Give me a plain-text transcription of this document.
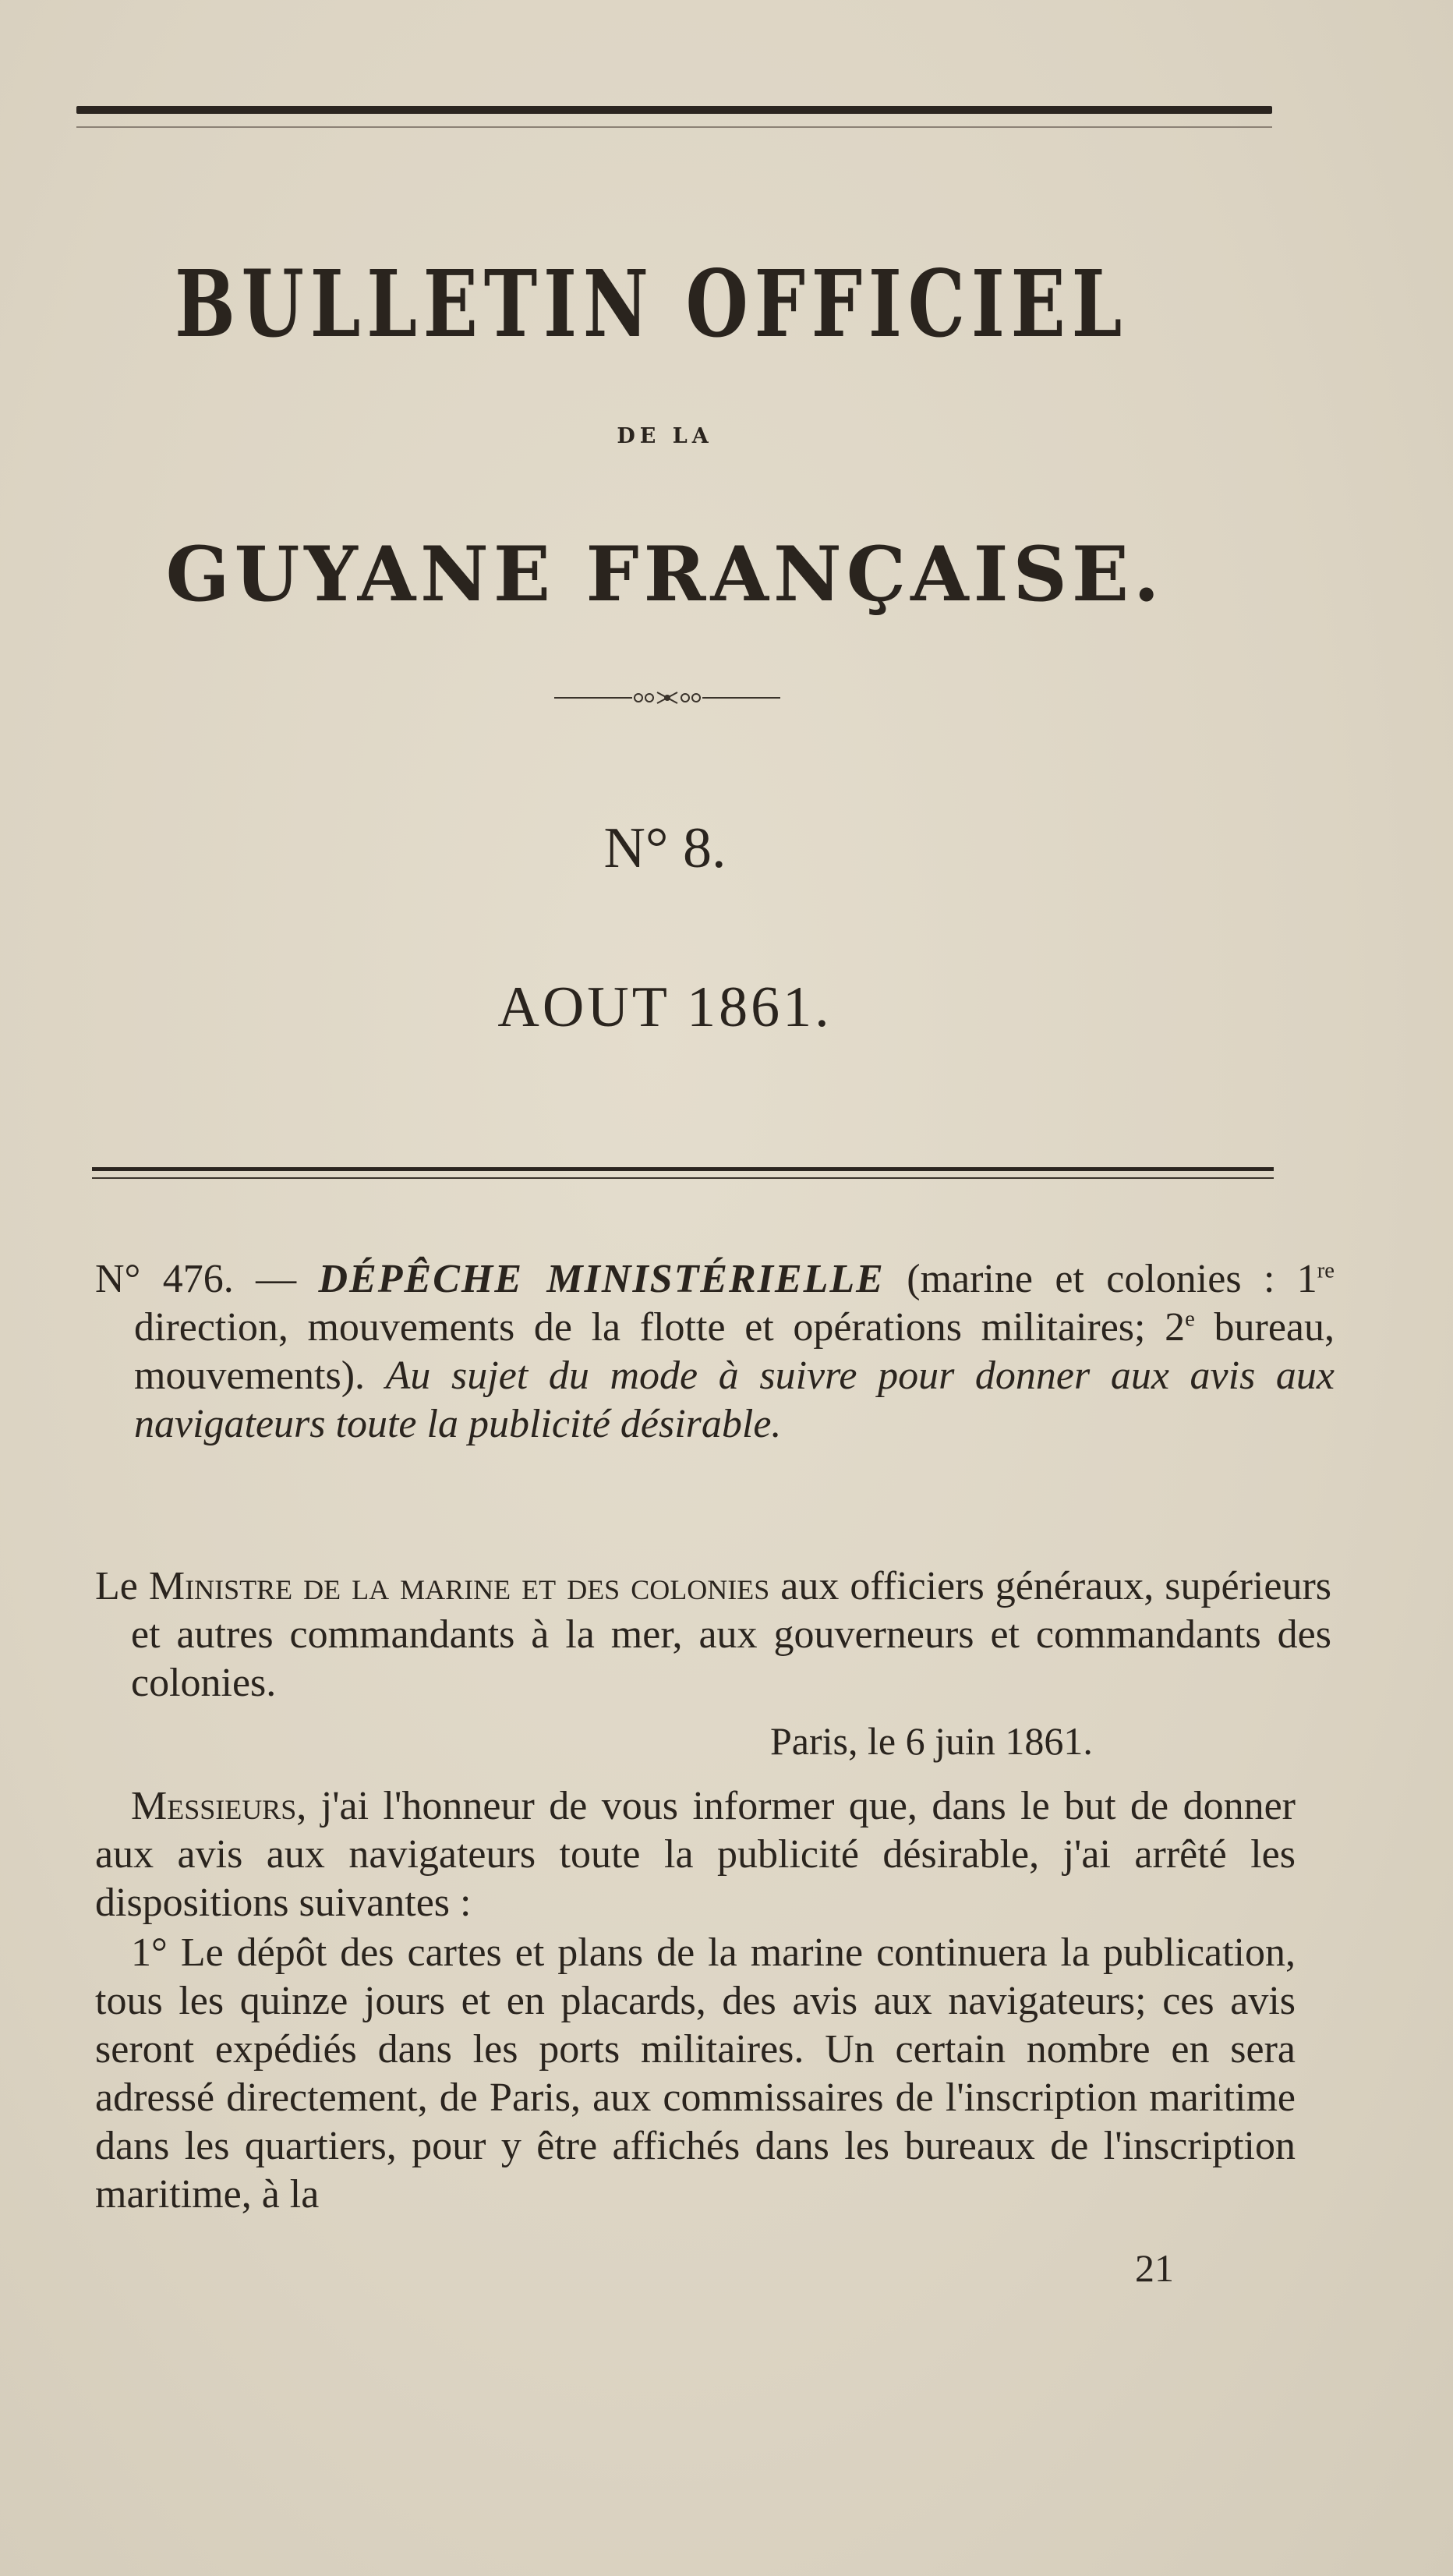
BULLETIN OFFICIEL
DE LA
GUYANE FRANÇAISE.
N° 8.
AOUT 1861.
N° 476. — DÉPÊCHE MINISTÉRIELLE (marine et colonies : 1re direction, mouvements de la flotte et opérations militaires; 2e bureau, mouvements). Au sujet du mode à suivre pour donner aux avis aux navigateurs toute la publicité désirable.
Le Ministre de la marine et des colonies aux officiers généraux, supérieurs et autres commandants à la mer, aux gouverneurs et commandants des colonies.
Paris, le 6 juin 1861.
Messieurs, j'ai l'honneur de vous informer que, dans le but de donner aux avis aux navigateurs toute la publicité désirable, j'ai arrêté les dispositions suivantes :
1° Le dépôt des cartes et plans de la marine continuera la publication, tous les quinze jours et en placards, des avis aux navigateurs; ces avis seront expédiés dans les ports militaires. Un certain nombre en sera adressé directement, de Paris, aux commissaires de l'inscription maritime dans les quartiers, pour y être affichés dans les bureaux de l'inscription maritime, à la
21
